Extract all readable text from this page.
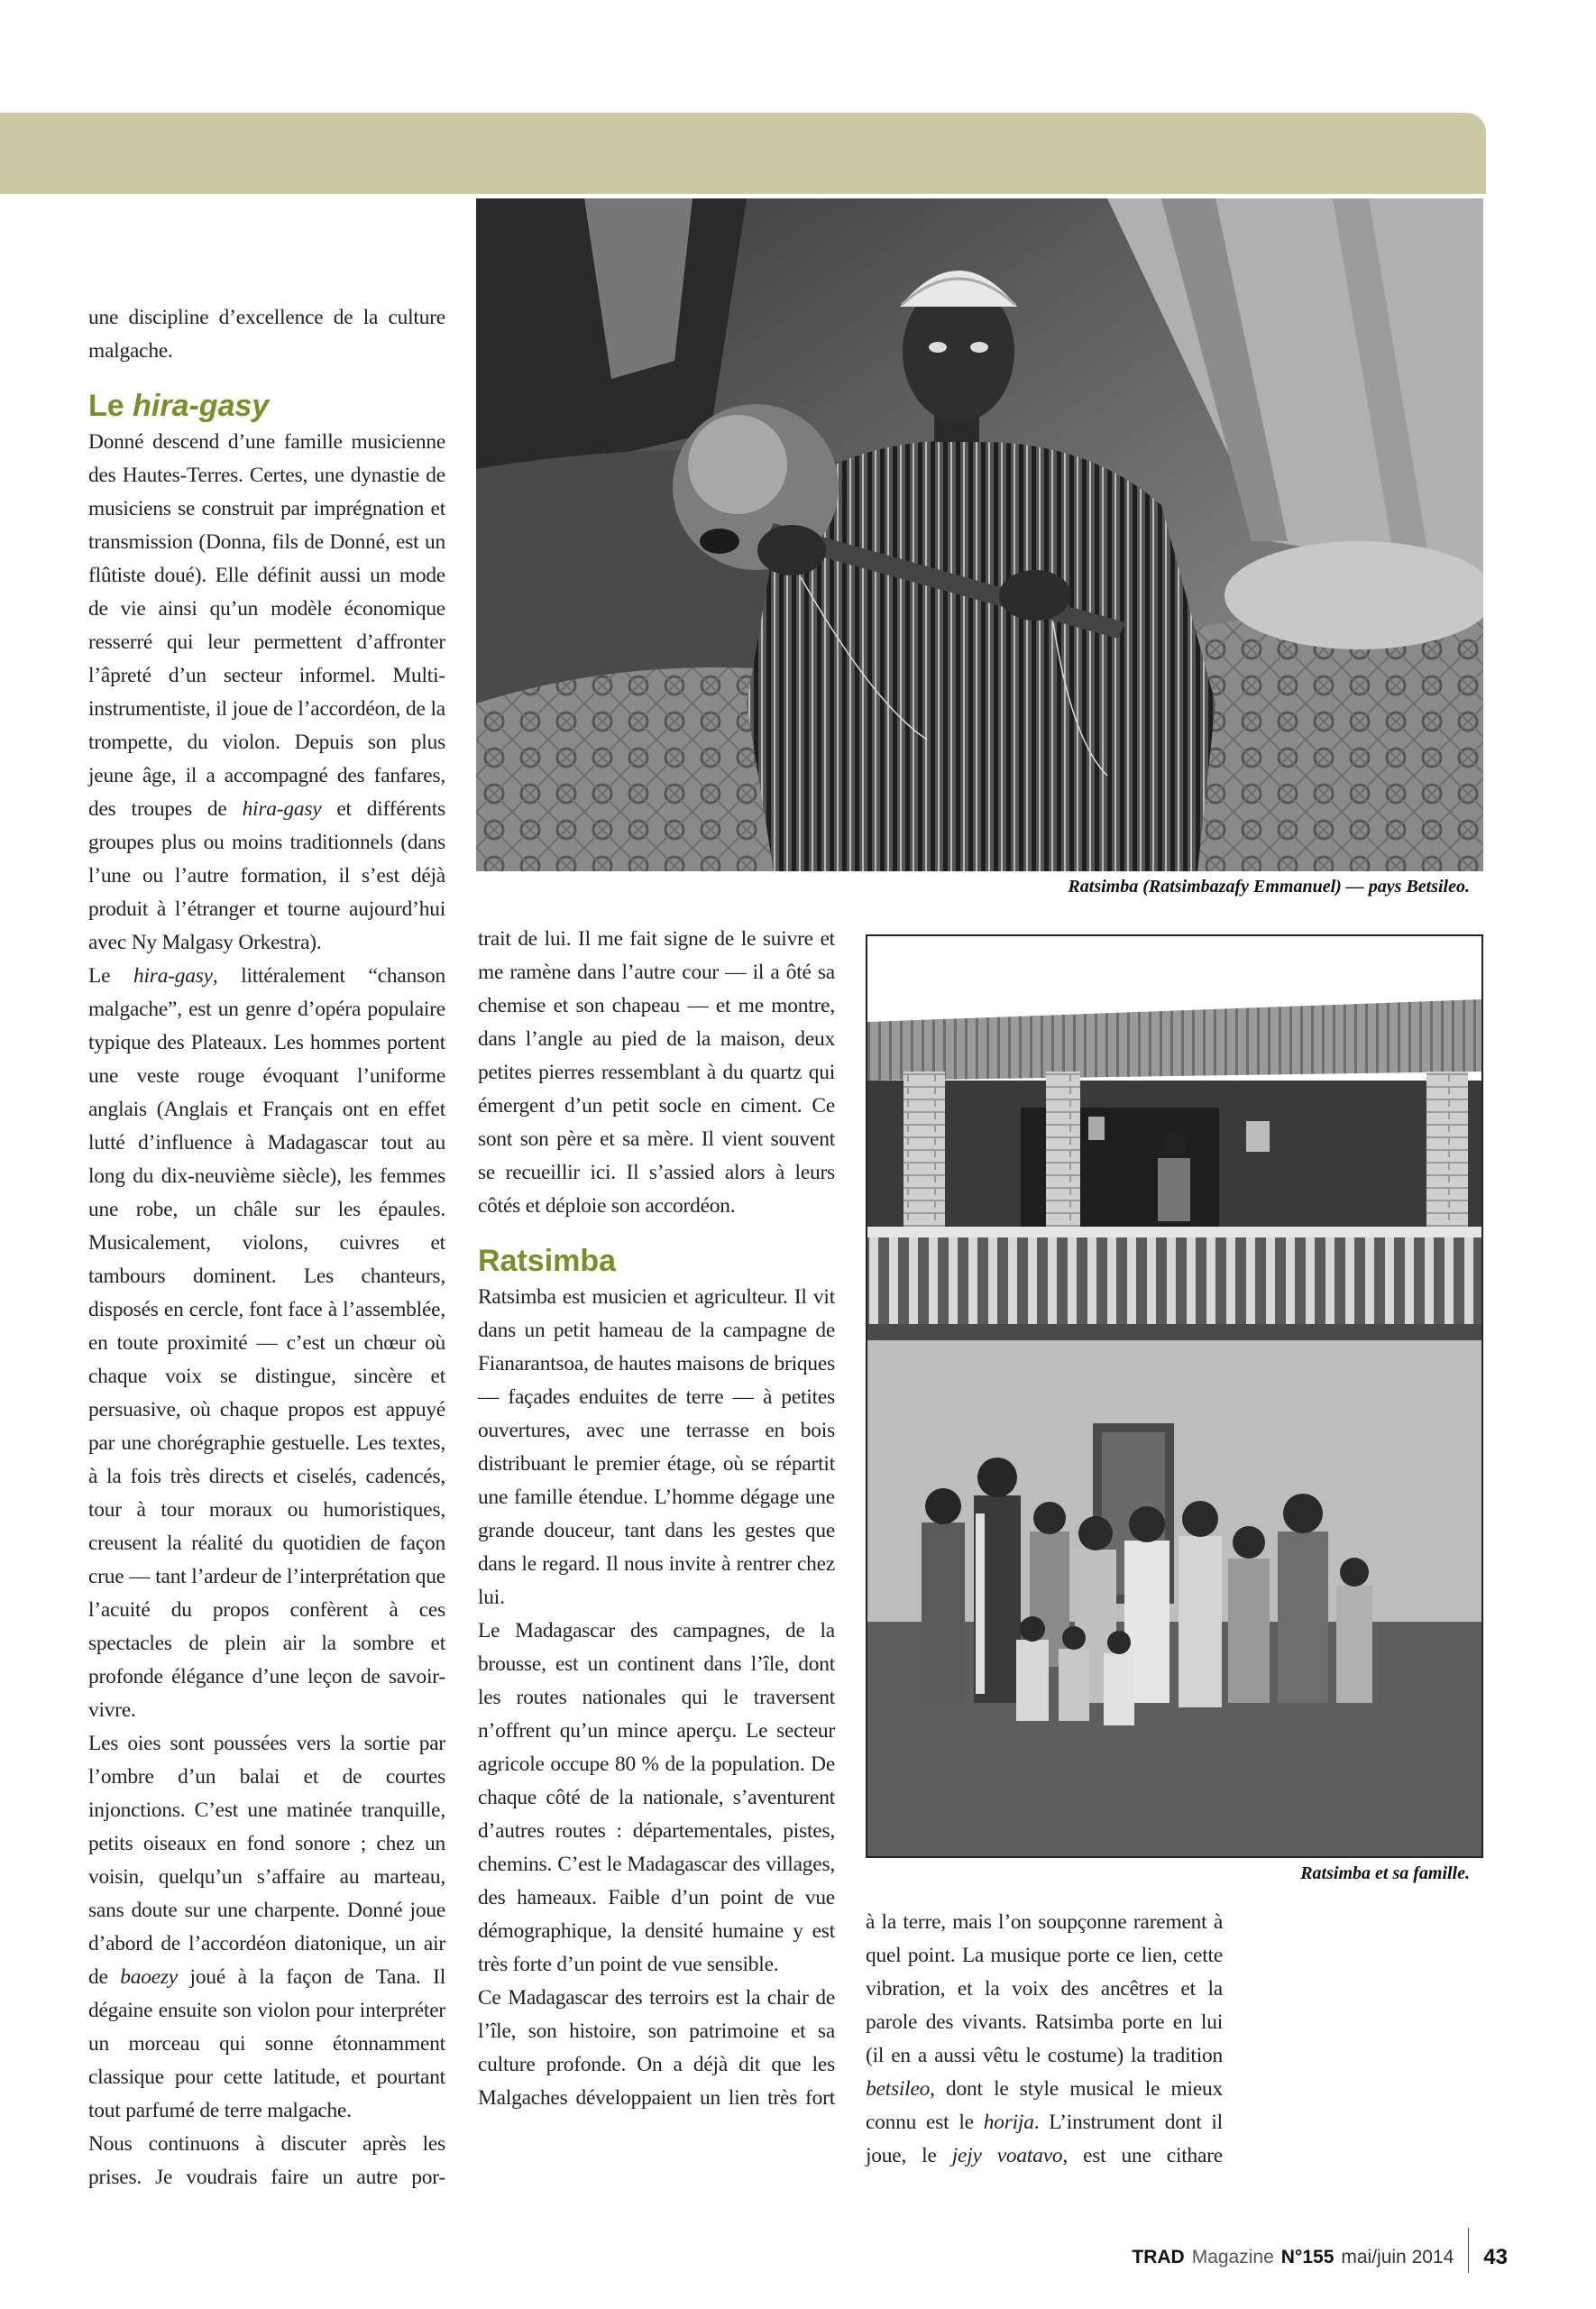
une discipline d’excellence de la culture malgache.

Le hira-gasy

Donné descend d’une famille musicienne des Hautes-Terres. Certes, une dynastie de musiciens se construit par imprégnation et transmission (Donna, fils de Donné, est un flûtiste doué). Elle définit aussi un mode de vie ainsi qu’un modèle économique resserré qui leur permettent d’affronter l’âpreté d’un secteur informel. Multi-instrumentiste, il joue de l’accordéon, de la trompette, du violon. Depuis son plus jeune âge, il a accompagné des fanfares, des troupes de hira-gasy et différents groupes plus ou moins traditionnels (dans l’une ou l’autre formation, il s’est déjà produit à l’étranger et tourne aujourd’hui avec Ny Malgasy Orkestra).

Le hira-gasy, littéralement “chanson malgache”, est un genre d’opéra populaire typique des Plateaux. Les hommes portent une veste rouge évoquant l’uniforme anglais (Anglais et Français ont en effet lutté d’influence à Madagascar tout au long du dix-neuvième siècle), les femmes une robe, un châle sur les épaules. Musicalement, violons, cuivres et tambours dominent. Les chanteurs, disposés en cercle, font face à l’assemblée, en toute proximité — c’est un chœur où chaque voix se distingue, sincère et persuasive, où chaque propos est appuyé par une chorégraphie gestuelle. Les textes, à la fois très directs et ciselés, cadencés, tour à tour moraux ou humoristiques, creusent la réalité du quotidien de façon crue — tant l’ardeur de l’interprétation que l’acuité du propos confèrent à ces spectacles de plein air la sombre et profonde élégance d’une leçon de savoir-vivre.

Les oies sont poussées vers la sortie par l’ombre d’un balai et de courtes injonctions. C’est une matinée tranquille, petits oiseaux en fond sonore ; chez un voisin, quelqu’un s’affaire au marteau, sans doute sur une charpente. Donné joue d’abord de l’accordéon diatonique, un air de baoezy joué à la façon de Tana. Il dégaine ensuite son violon pour interpréter un morceau qui sonne étonnamment classique pour cette latitude, et pourtant tout parfumé de terre malgache.

Nous continuons à discuter après les prises. Je voudrais faire un autre por-

Ratsimba (Ratsimbazafy Emmanuel) — pays Betsileo.

trait de lui. Il me fait signe de le suivre et me ramène dans l’autre cour — il a ôté sa chemise et son chapeau — et me montre, dans l’angle au pied de la maison, deux petites pierres ressemblant à du quartz qui émergent d’un petit socle en ciment. Ce sont son père et sa mère. Il vient souvent se recueillir ici. Il s’assied alors à leurs côtés et déploie son accordéon.

Ratsimba

Ratsimba est musicien et agriculteur. Il vit dans un petit hameau de la campagne de Fianarantsoa, de hautes maisons de briques — façades enduites de terre — à petites ouvertures, avec une terrasse en bois distribuant le premier étage, où se répartit une famille étendue. L’homme dégage une grande douceur, tant dans les gestes que dans le regard. Il nous invite à rentrer chez lui.

Le Madagascar des campagnes, de la brousse, est un continent dans l’île, dont les routes nationales qui le traversent n’offrent qu’un mince aperçu. Le secteur agricole occupe 80 % de la population. De chaque côté de la nationale, s’aventurent d’autres routes : départementales, pistes, chemins. C’est le Madagascar des villages, des hameaux. Faible d’un point de vue démographique, la densité humaine y est très forte d’un point de vue sensible.

Ce Madagascar des terroirs est la chair de l’île, son histoire, son patrimoine et sa culture profonde. On a déjà dit que les Malgaches développaient un lien très fort

Ratsimba et sa famille.

à la terre, mais l’on soupçonne rarement à quel point. La musique porte ce lien, cette vibration, et la voix des ancêtres et la parole des vivants. Ratsimba porte en lui (il en a aussi vêtu le costume) la tradition betsileo, dont le style musical le mieux connu est le horija. L’instrument dont il joue, le jejy voatavo, est une cithare

TRAD Magazine N°155 mai/juin 2014 43
